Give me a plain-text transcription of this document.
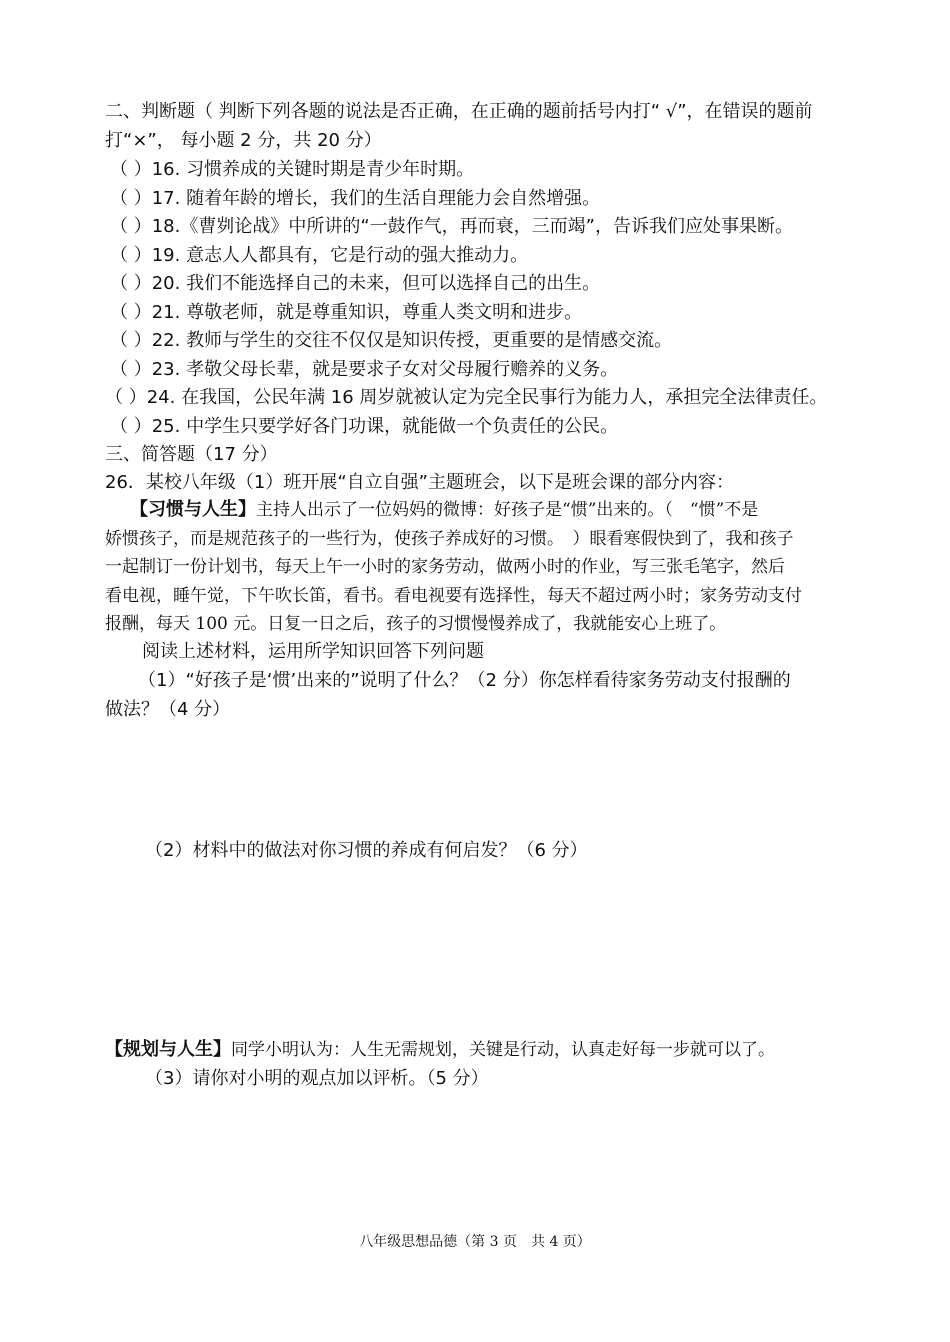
二、判断题（ 判断下列各题的说法是否正确，在正确的题前括号内打“ √”，在错误的题前
打“×”， 每小题 2 分，共 20 分）
（ ）16. 习惯养成的关键时期是青少年时期。
（ ）17. 随着年龄的增长，我们的生活自理能力会自然增强。
（ ）18.《曹刿论战》中所讲的“一鼓作气，再而衰，三而竭”，告诉我们应处事果断。
（ ）19. 意志人人都具有，它是行动的强大推动力。
（ ）20. 我们不能选择自己的未来，但可以选择自己的出生。
（ ）21. 尊敬老师，就是尊重知识，尊重人类文明和进步。
（ ）22. 教师与学生的交往不仅仅是知识传授，更重要的是情感交流。
（ ）23. 孝敬父母长辈，就是要求子女对父母履行赡养的义务。
（ ）24. 在我国，公民年满 16 周岁就被认定为完全民事行为能力人，承担完全法律责任。
（ ）25. 中学生只要学好各门功课，就能做一个负责任的公民。
三、简答题（17 分）
26．某校八年级（1）班开展“自立自强”主题班会，以下是班会课的部分内容：
【习惯与人生】主持人出示了一位妈妈的微博：好孩子是“惯”出来的。（　“惯”不是
娇惯孩子，而是规范孩子的一些行为，使孩子养成好的习惯。　）眼看寒假快到了，我和孩子
一起制订一份计划书，每天上午一小时的家务劳动，做两小时的作业，写三张毛笔字，然后
看电视，睡午觉，下午吹长笛，看书。看电视要有选择性，每天不超过两小时；家务劳动支付
报酬，每天 100 元。日复一日之后，孩子的习惯慢慢养成了，我就能安心上班了。
阅读上述材料，运用所学知识回答下列问题
（1）“好孩子是‘惯’出来的”说明了什么？（2 分）你怎样看待家务劳动支付报酬的
做法？（4 分）
（2）材料中的做法对你习惯的养成有何启发？（6 分）
【规划与人生】同学小明认为：人生无需规划，关键是行动，认真走好每一步就可以了。
（3）请你对小明的观点加以评析。（5 分）
八年级思想品德（第 3 页　共 4 页）
